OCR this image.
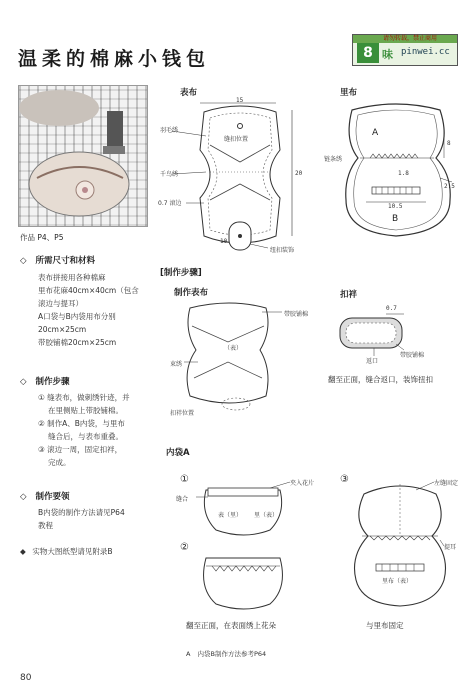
温柔的棉麻小钱包
请勿转载，禁止商用
8 味 pinwei.cc
作品 P4、P5
◇ 所需尺寸和材料
表布拼接用各种棉麻
里布花麻40cm×40cm（包含
滚边与提耳）
A口袋与B内袋用布分别
20cm×25cm
带胶铺棉20cm×25cm
◇ 制作步骤
① 缝表布，做刺绣针迹，并
在里侧贴上带胶铺棉。
② 制作A、B内袋，与里布
缝合后，与表布重叠。
③ 滚边一周，固定扣袢，
完成。
◇ 制作要领
B内袋的制作方法请见P64
教程
◆ 实物大图纸型请见附录B
表布
15
20
羽毛绣
缝扣位置
千鸟绣
0.7 滚边
10
纽扣装饰
里布
A
B
链条绣
1.8
2.5
10.5
8
[制作步骤]
制作表布
带胶铺棉
（表）
束绣
扣袢位置
扣袢
0.7
返口
带胶铺棉
翻至正面，缝合返口，装饰扭扣
内袋A
①	夹入花片
缝合
表（里） 里（表）
②
翻至正面，在表面绣上花朵
③	左缝固定
提耳
里布（表）
与里布固定
A 内袋B制作方法参考P64
80
